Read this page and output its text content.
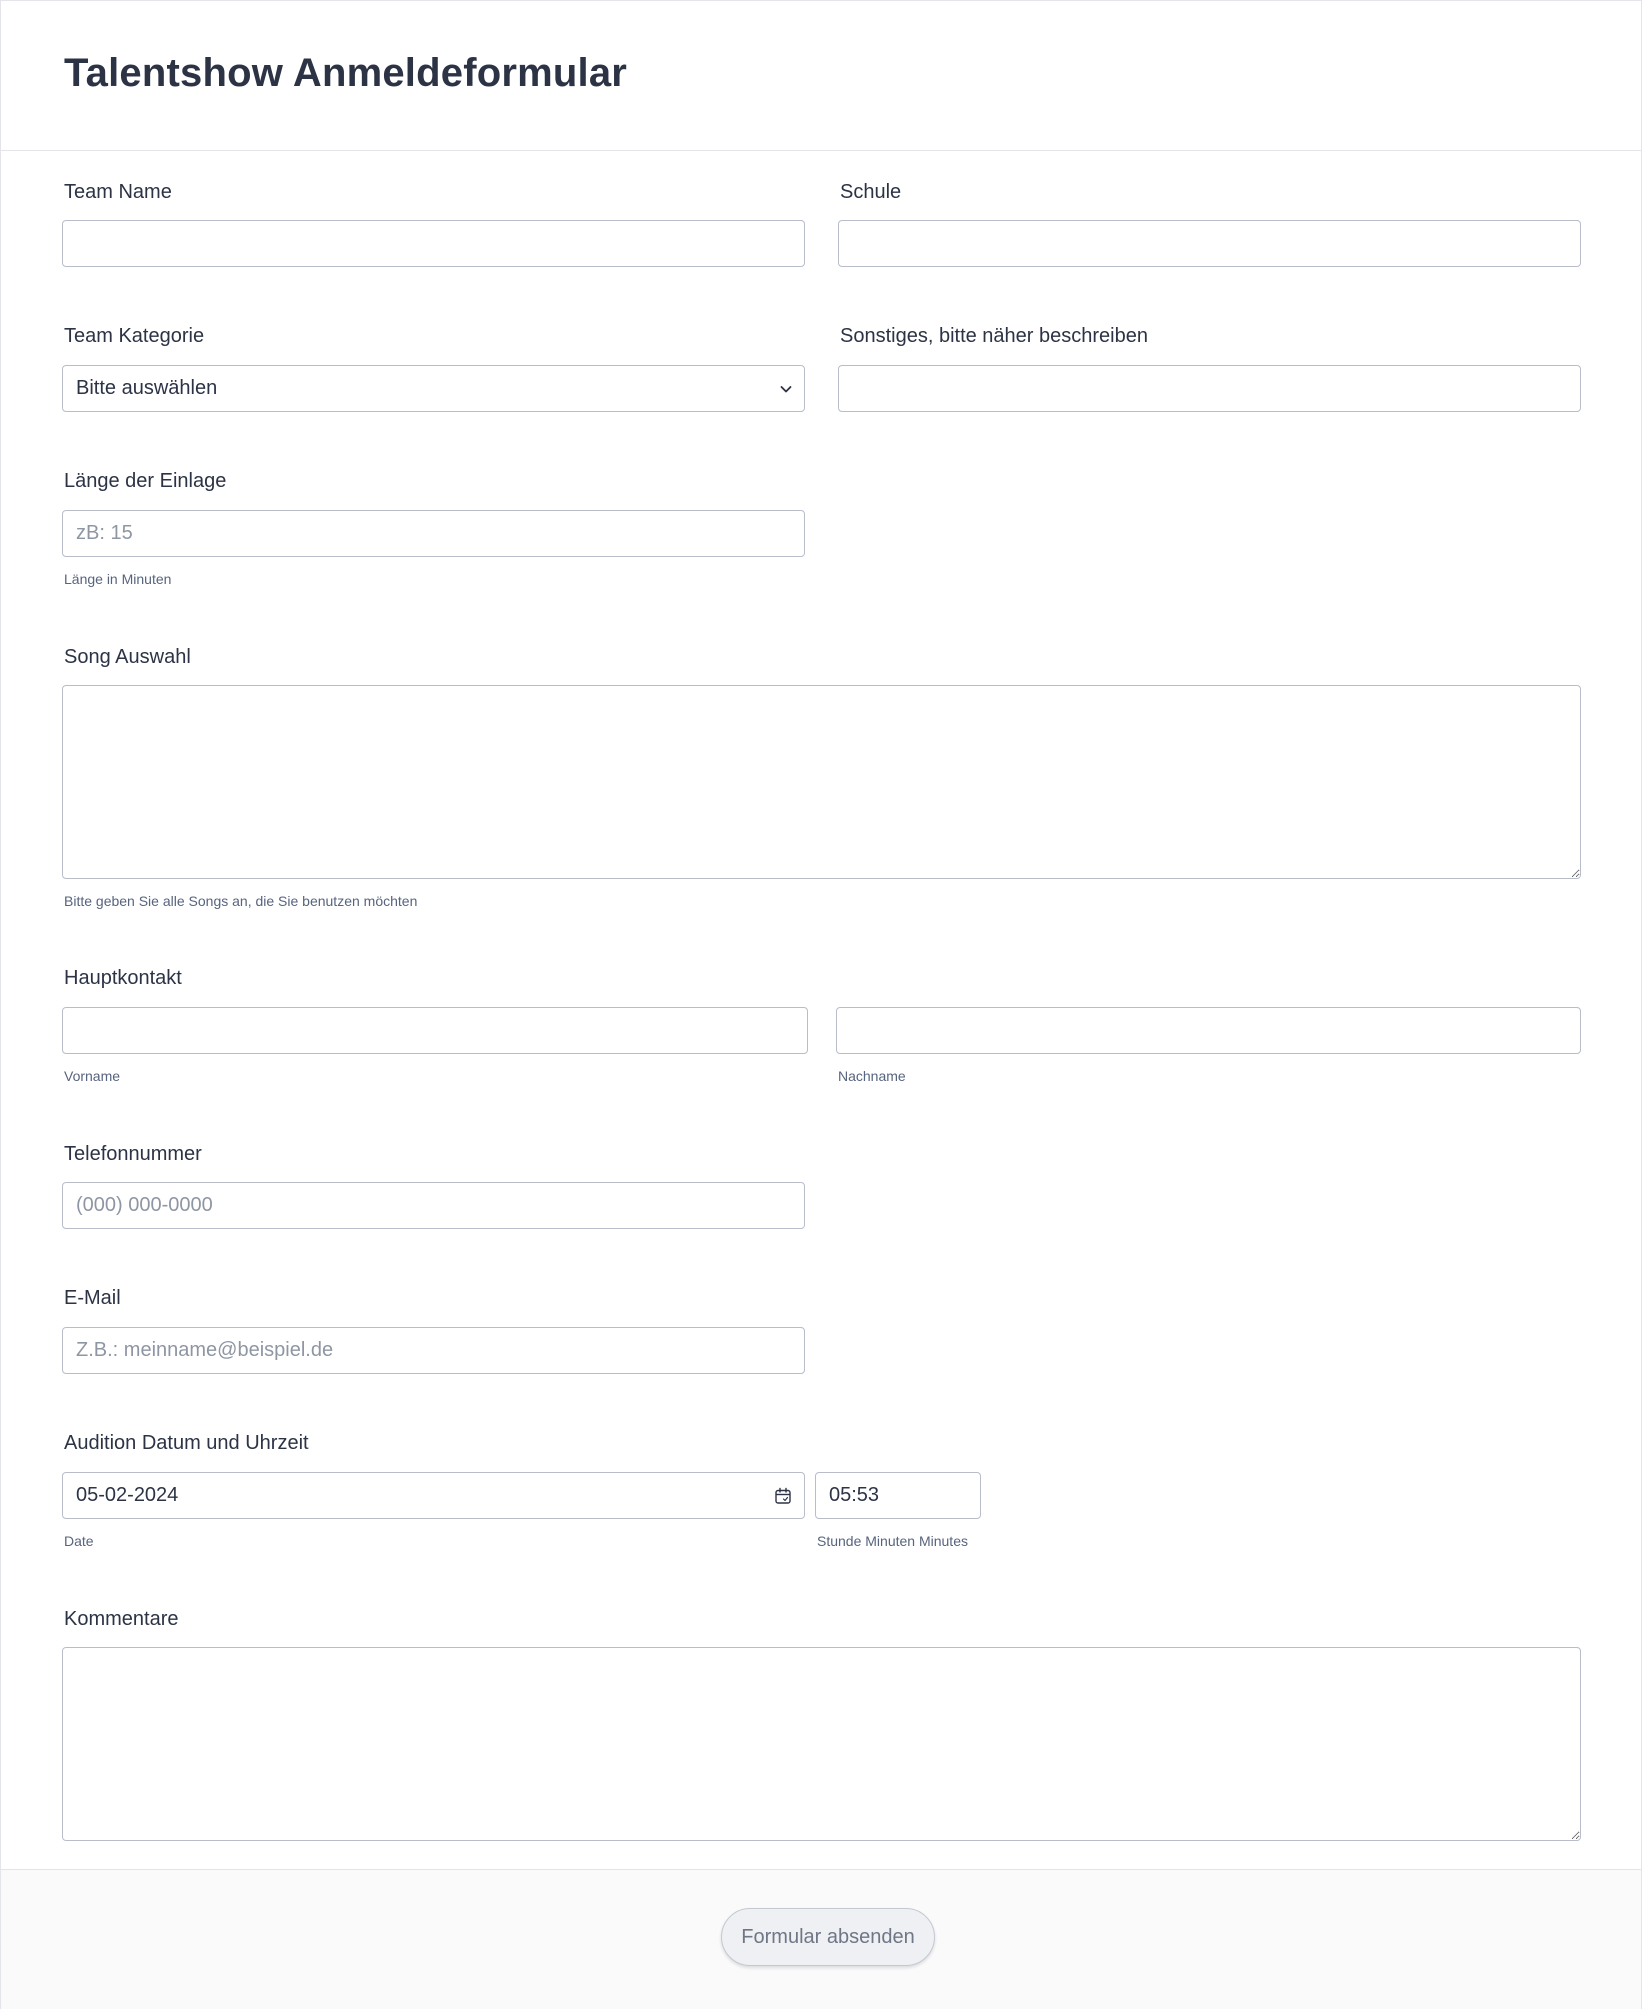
Talentshow Anmeldeformular
Team Name	Schule
Team Kategorie
Bitte auswählen
Sonstiges, bitte näher beschreiben
Länge der Einlage
zB: 15
Länge in Minuten
Song Auswahl
Bitte geben Sie alle Songs an, die Sie benutzen möchten
Hauptkontakt
Vorname	Nachname
Telefonnummer
(000) 000-0000
E-Mail
Z.B.: meinname@beispiel.de
Audition Datum und Uhrzeit
05-02-2024
Date
05:53
Stunde Minuten Minutes
Kommentare
Formular absenden
